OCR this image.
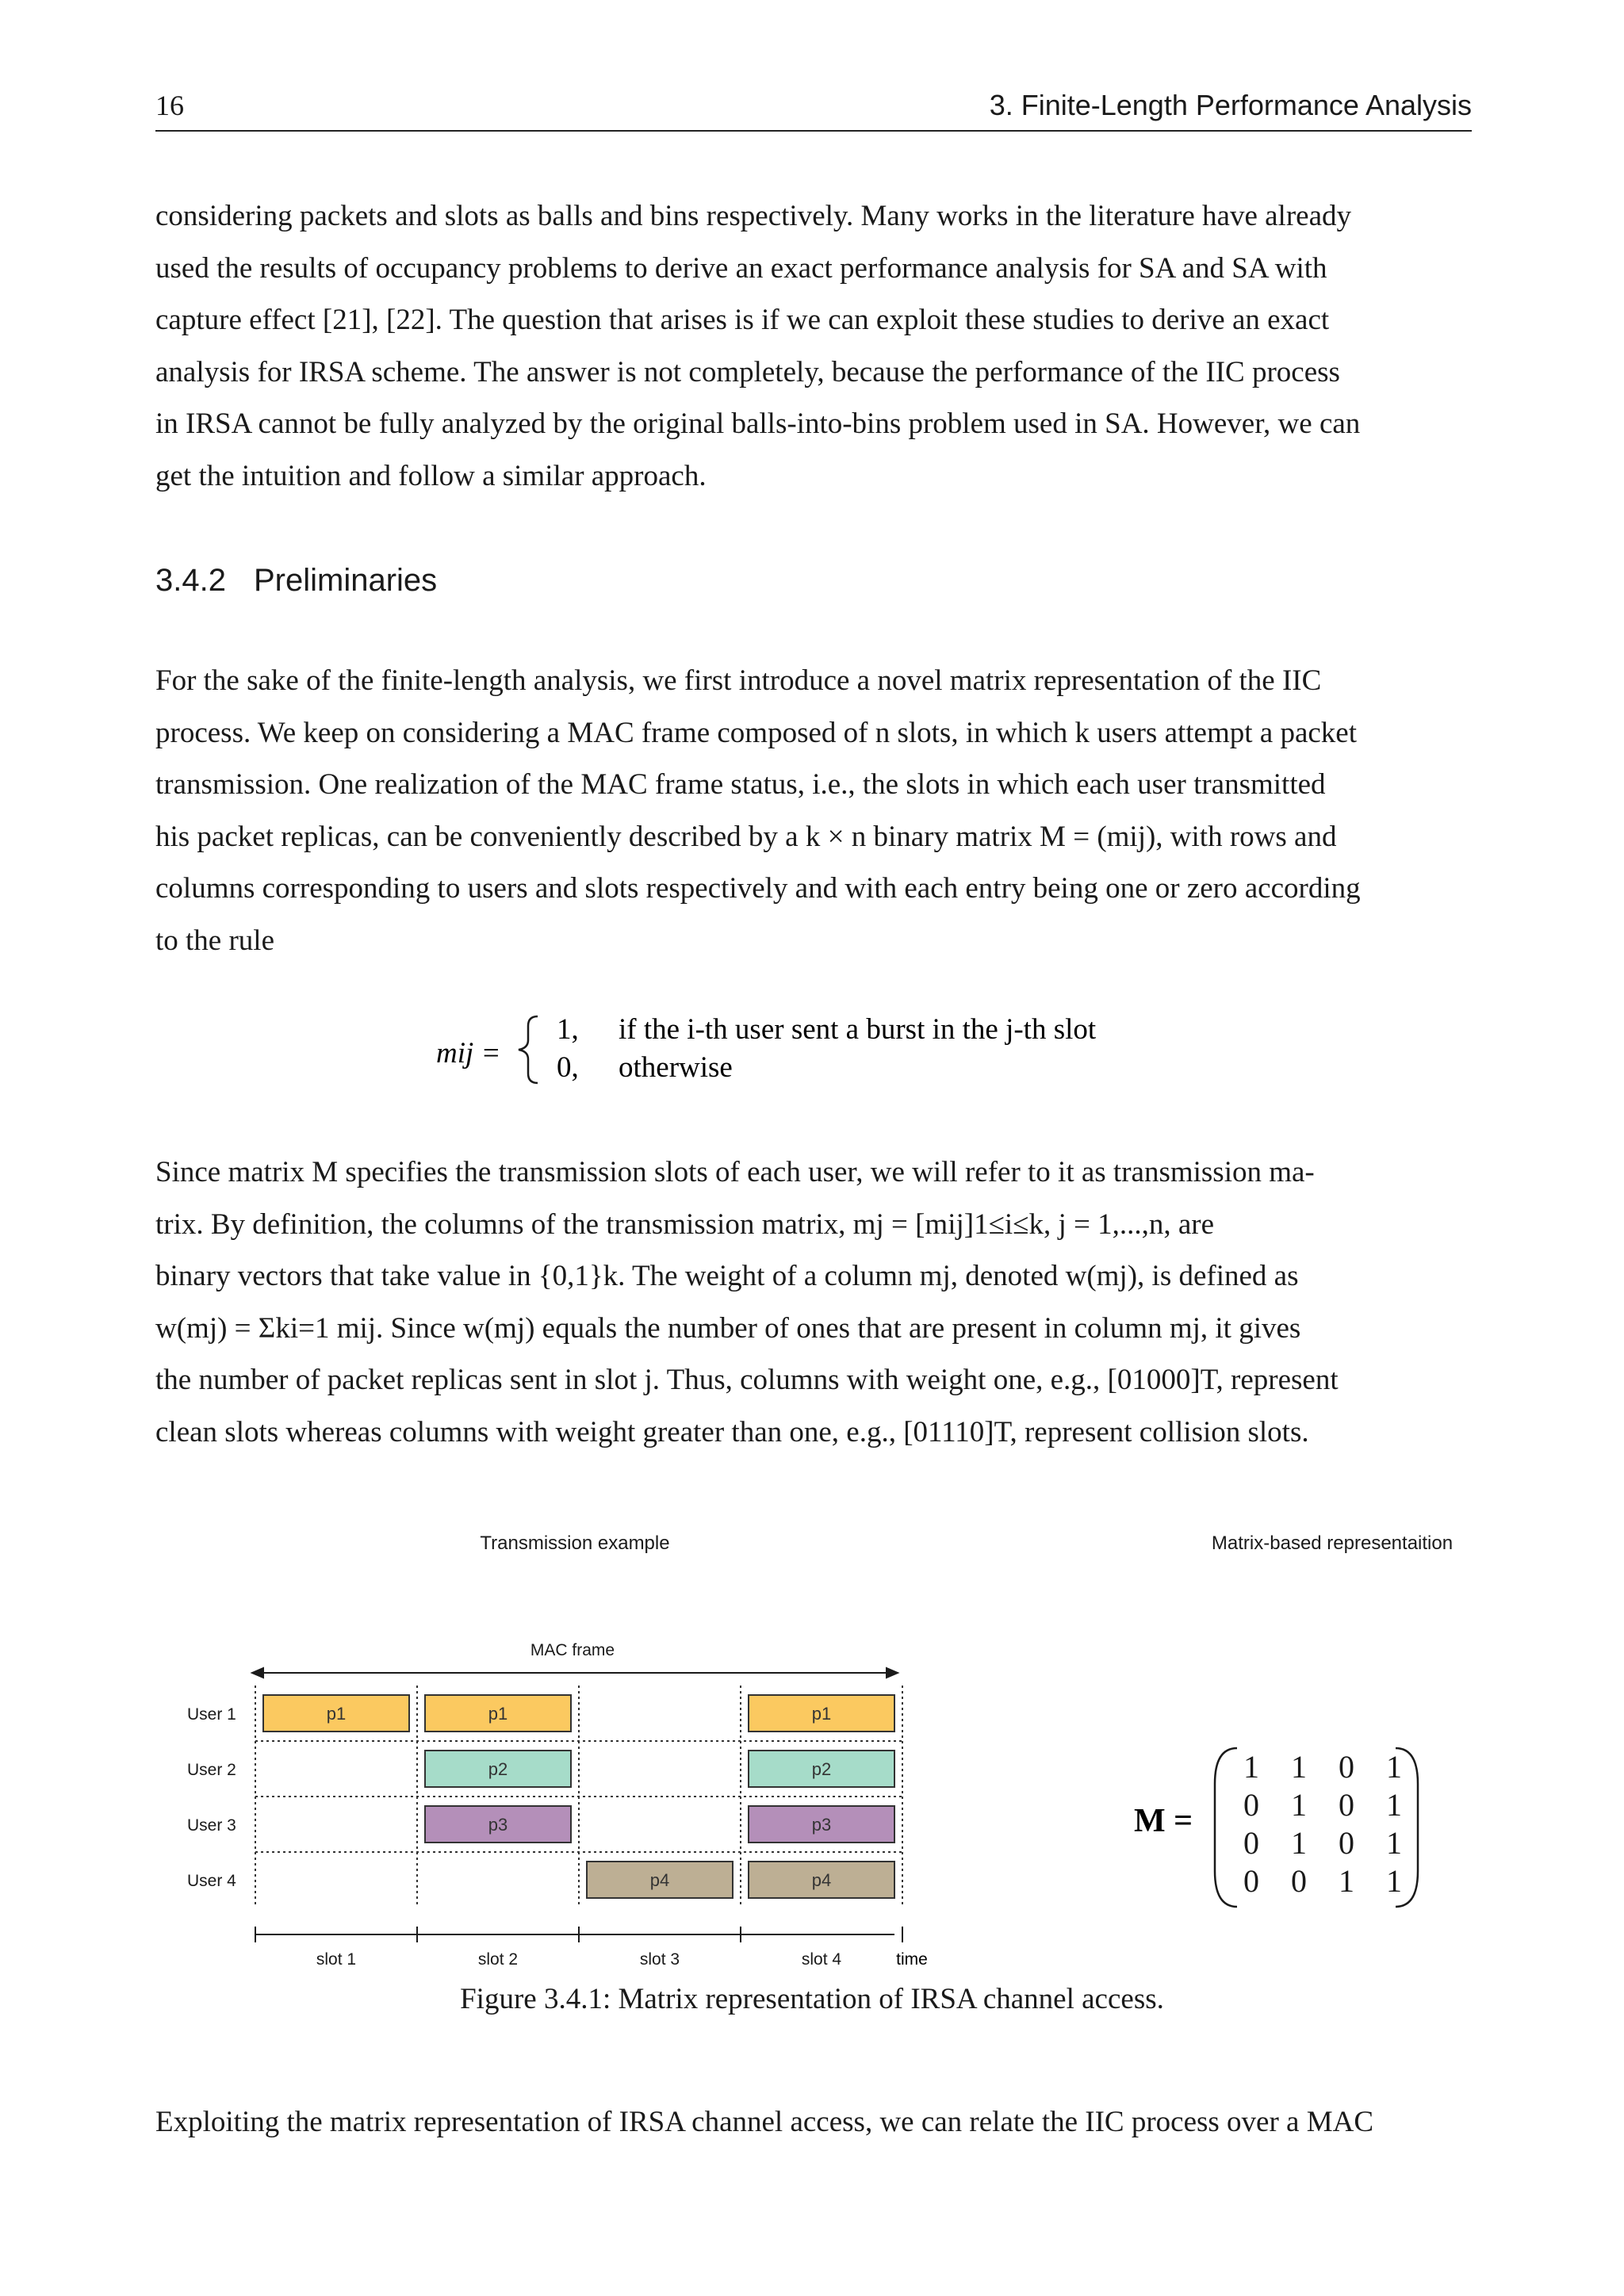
16	3. Finite-Length Performance Analysis
considering packets and slots as balls and bins respectively. Many works in the literature have already
used the results of occupancy problems to derive an exact performance analysis for SA and SA with
capture effect [21], [22]. The question that arises is if we can exploit these studies to derive an exact
analysis for IRSA scheme. The answer is not completely, because the performance of the IIC process
in IRSA cannot be fully analyzed by the original balls-into-bins problem used in SA. However, we can
get the intuition and follow a similar approach.
3.4.2 Preliminaries
For the sake of the finite-length analysis, we first introduce a novel matrix representation of the IIC
process. We keep on considering a MAC frame composed of n slots, in which k users attempt a packet
transmission. One realization of the MAC frame status, i.e., the slots in which each user transmitted
his packet replicas, can be conveniently described by a k × n binary matrix M = (mij), with rows and
columns corresponding to users and slots respectively and with each entry being one or zero according
to the rule
mij =
1, if the i-th user sent a burst in the j-th slot
0, otherwise
Since matrix M specifies the transmission slots of each user, we will refer to it as transmission ma-
trix. By definition, the columns of the transmission matrix, mj = [mij]1≤i≤k, j = 1,...,n, are
binary vectors that take value in {0,1}k. The weight of a column mj, denoted w(mj), is defined as
w(mj) = Σki=1 mij. Since w(mj) equals the number of ones that are present in column mj, it gives
the number of packet replicas sent in slot j. Thus, columns with weight one, e.g., [01000]T, represent
clean slots whereas columns with weight greater than one, e.g., [01110]T, represent collision slots.
Transmission example	Matrix-based representaition
MAC frame
p1	p1	p1
p2	p2
p3	p3
p4	p4
User 1
User 2
User 3
User 4
slot 1	slot 2	slot 3	slot 4	time
M =
1 1 0 1
0 1 0 1
0 1 0 1
0 0 1 1
Figure 3.4.1: Matrix representation of IRSA channel access.
Exploiting the matrix representation of IRSA channel access, we can relate the IIC process over a MAC
